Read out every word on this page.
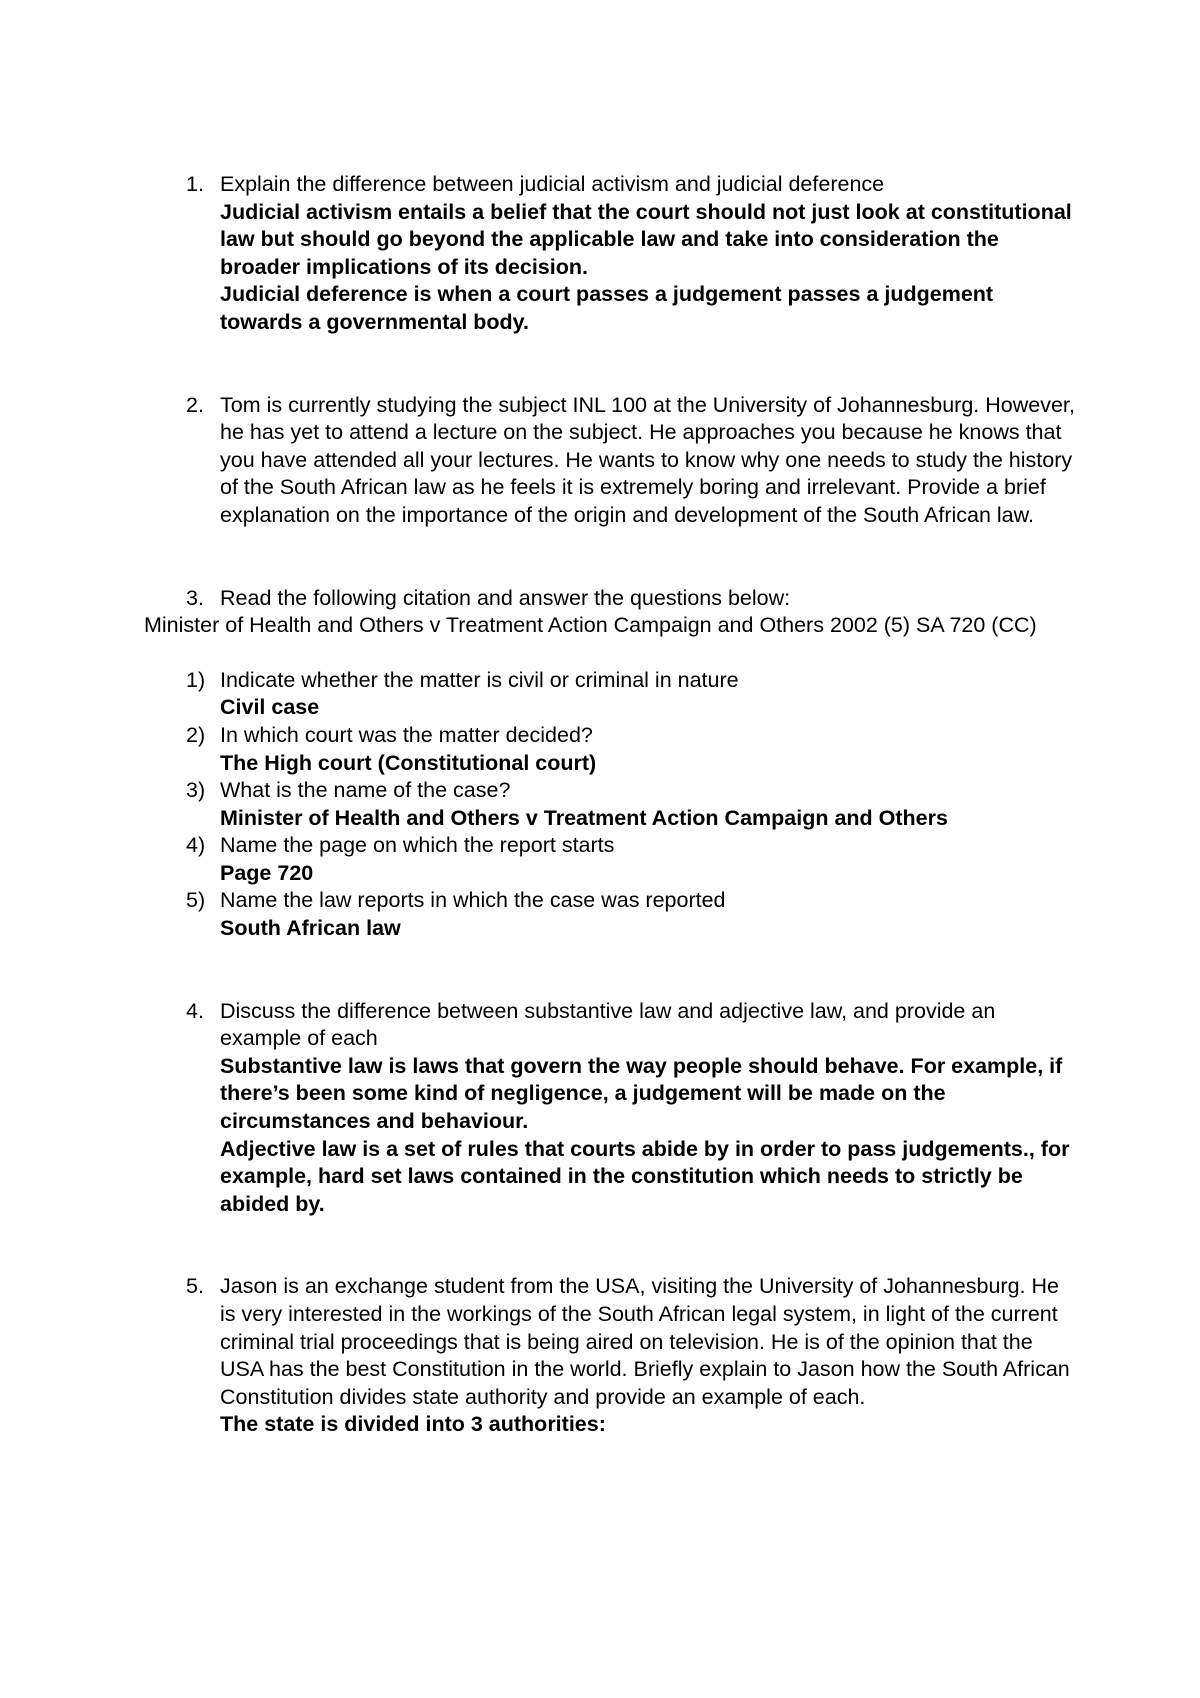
1. Explain the difference between judicial activism and judicial deference
Judicial activism entails a belief that the court should not just look at constitutional law but should go beyond the applicable law and take into consideration the broader implications of its decision.
Judicial deference is when a court passes a judgement passes a judgement towards a governmental body.
2. Tom is currently studying the subject INL 100 at the University of Johannesburg. However, he has yet to attend a lecture on the subject. He approaches you because he knows that you have attended all your lectures. He wants to know why one needs to study the history of the South African law as he feels it is extremely boring and irrelevant. Provide a brief explanation on the importance of the origin and development of the South African law.
3. Read the following citation and answer the questions below:
Minister of Health and Others v Treatment Action Campaign and Others 2002 (5) SA 720 (CC)
1) Indicate whether the matter is civil or criminal in nature
Civil case
2) In which court was the matter decided?
The High court (Constitutional court)
3) What is the name of the case?
Minister of Health and Others v Treatment Action Campaign and Others
4) Name the page on which the report starts
Page 720
5) Name the law reports in which the case was reported
South African law
4. Discuss the difference between substantive law and adjective law, and provide an example of each
Substantive law is laws that govern the way people should behave. For example, if there’s been some kind of negligence, a judgement will be made on the circumstances and behaviour.
Adjective law is a set of rules that courts abide by in order to pass judgements., for example, hard set laws contained in the constitution which needs to strictly be abided by.
5. Jason is an exchange student from the USA, visiting the University of Johannesburg. He is very interested in the workings of the South African legal system, in light of the current criminal trial proceedings that is being aired on television. He is of the opinion that the USA has the best Constitution in the world. Briefly explain to Jason how the South African Constitution divides state authority and provide an example of each.
The state is divided into 3 authorities:
